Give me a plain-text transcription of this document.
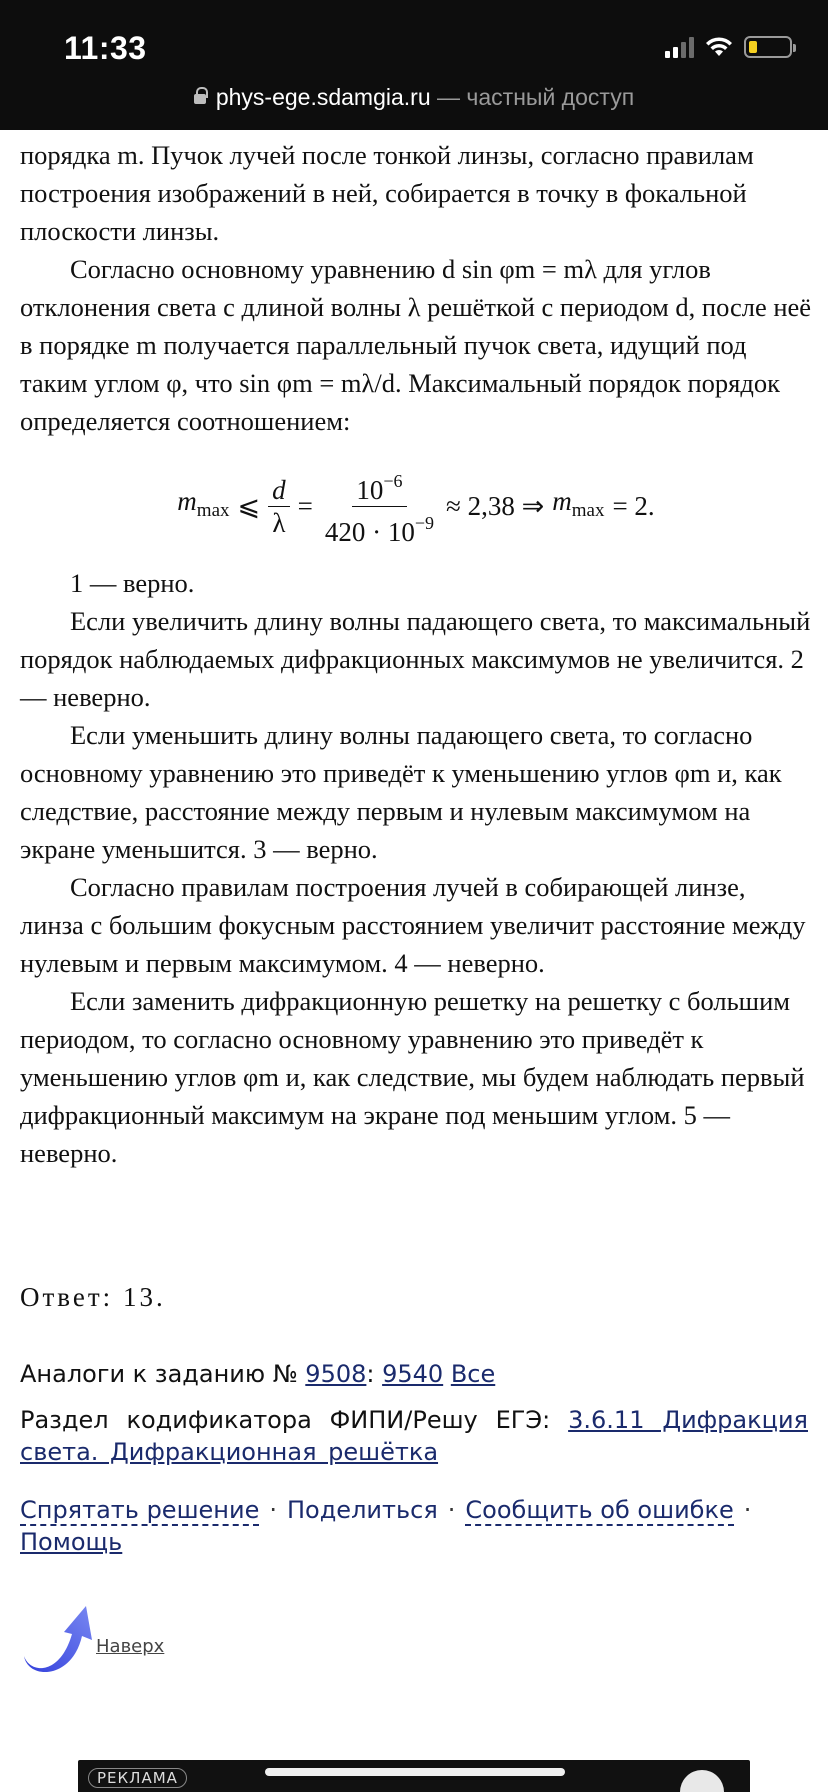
11:33
phys-ege.sdamgia.ru — частный доступ

порядка m. Пучок лучей после тонкой линзы, согласно правилам построения изображений в ней, собирается в точку в фокальной плоскости линзы.

Согласно основному уравнению d sin φm = mλ для углов отклонения света с длиной волны λ решёткой с периодом d, после неё в порядке m получается параллельный пучок света, идущий под таким углом φ, что sin φm = mλ/d. Максимальный порядок порядок определяется соотношением:

$m_{max}$ ⩽ $\frac{d}{\lambda} = \frac{10^{-6}}{420 \cdot 10^{-9}} \approx 2,38$ ⇒ $m_{max} = 2$.

1 — верно.

Если увеличить длину волны падающего света, то максимальный порядок наблюдаемых дифракционных максимумов не увеличится. 2 — неверно.

Если уменьшить длину волны падающего света, то согласно основному уравнению это приведёт к уменьшению углов φm и, как следствие, расстояние между первым и нулевым максимумом на экране уменьшится. 3 — верно.

Согласно правилам построения лучей в собирающей линзе, линза с большим фокусным расстоянием увеличит расстояние между нулевым и первым максимумом. 4 — неверно.

Если заменить дифракционную решетку на решетку с большим периодом, то согласно основному уравнению это приведёт к уменьшению углов φm и, как следствие, мы будем наблюдать первый дифракционный максимум на экране под меньшим углом. 5 — неверно.

Ответ: 13.
Аналоги к заданию № 9508: 9540 Все
Раздел кодификатора ФИПИ/Решу ЕГЭ: 3.6.11 Дифракция света. Дифракционная решётка
Спрятать решение · Поделиться · Сообщить об ошибке ·
Помощь
Наверх
РЕКЛАМА
